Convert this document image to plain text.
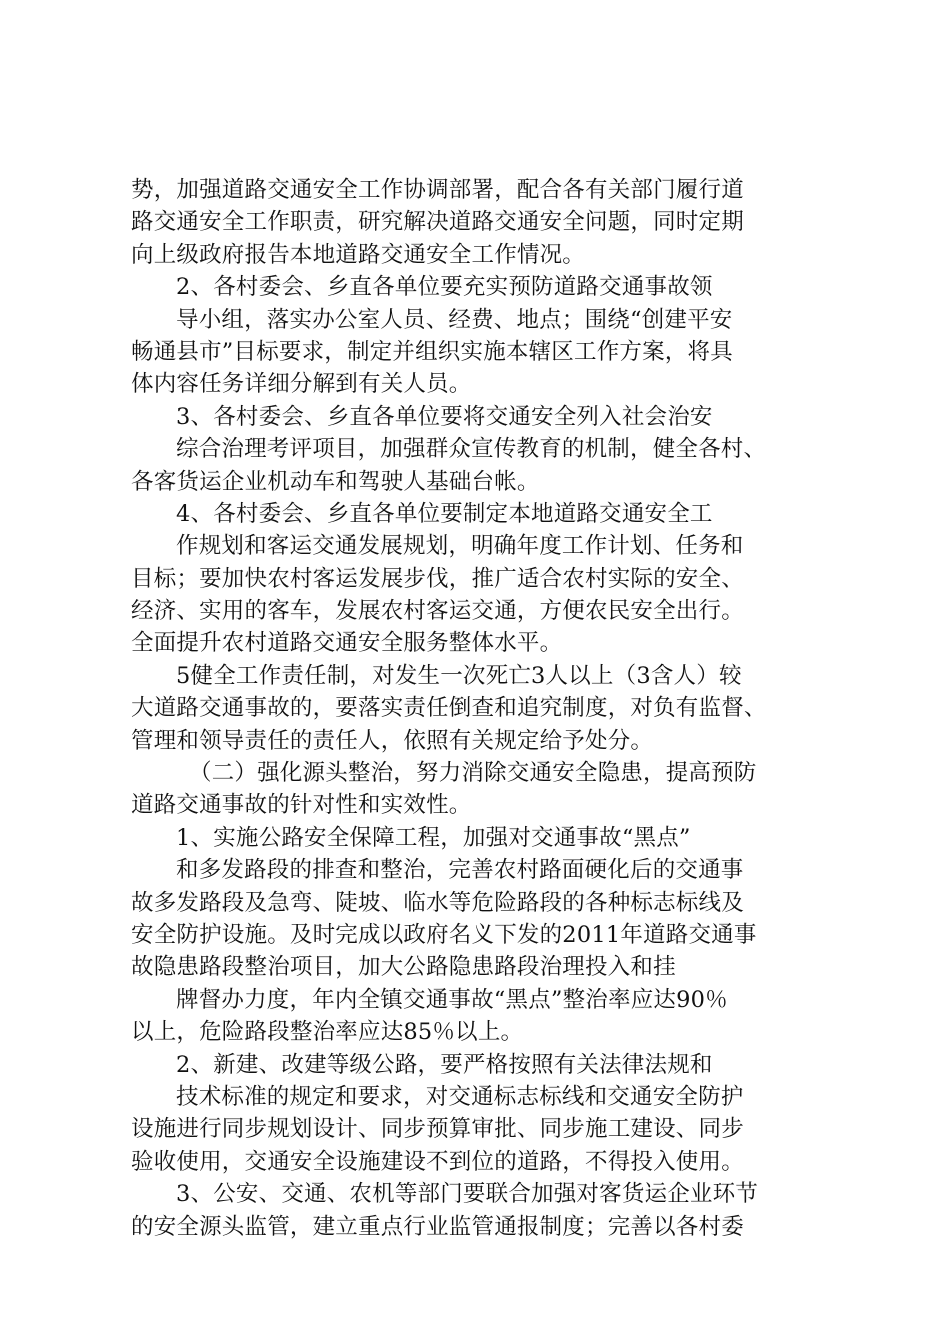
势，加强道路交通安全工作协调部署，配合各有关部门履行道
路交通安全工作职责，研究解决道路交通安全问题，同时定期
向上级政府报告本地道路交通安全工作情况。
2、各村委会、乡直各单位要充实预防道路交通事故领
导小组，落实办公室人员、经费、地点；围绕“创建平安
畅通县市”目标要求，制定并组织实施本辖区工作方案，将具
体内容任务详细分解到有关人员。
3、各村委会、乡直各单位要将交通安全列入社会治安
综合治理考评项目，加强群众宣传教育的机制，健全各村、
各客货运企业机动车和驾驶人基础台帐。
4、各村委会、乡直各单位要制定本地道路交通安全工
作规划和客运交通发展规划，明确年度工作计划、任务和
目标；要加快农村客运发展步伐，推广适合农村实际的安全、
经济、实用的客车，发展农村客运交通，方便农民安全出行。
全面提升农村道路交通安全服务整体水平。
5健全工作责任制，对发生一次死亡3人以上（3含人）较
大道路交通事故的，要落实责任倒查和追究制度，对负有监督、
管理和领导责任的责任人，依照有关规定给予处分。
（二）强化源头整治，努力消除交通安全隐患，提高预防
道路交通事故的针对性和实效性。
1、实施公路安全保障工程，加强对交通事故“黑点”
和多发路段的排查和整治，完善农村路面硬化后的交通事
故多发路段及急弯、陡坡、临水等危险路段的各种标志标线及
安全防护设施。及时完成以政府名义下发的2011年道路交通事
故隐患路段整治项目，加大公路隐患路段治理投入和挂
牌督办力度，年内全镇交通事故“黑点”整治率应达90％
以上，危险路段整治率应达85％以上。
2、新建、改建等级公路，要严格按照有关法律法规和
技术标准的规定和要求，对交通标志标线和交通安全防护
设施进行同步规划设计、同步预算审批、同步施工建设、同步
验收使用，交通安全设施建设不到位的道路，不得投入使用。
3、公安、交通、农机等部门要联合加强对客货运企业环节
的安全源头监管，建立重点行业监管通报制度；完善以各村委
